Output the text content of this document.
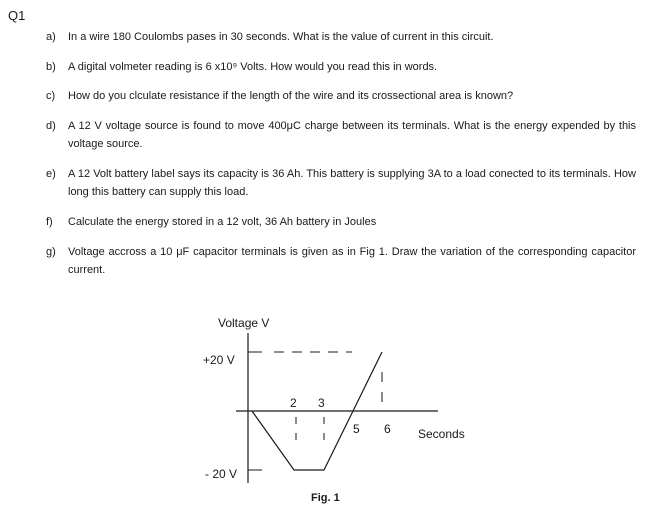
Q1
a)	In a wire 180 Coulombs pases in 30 seconds. What is the value of current in this circuit.
b)	A digital volmeter reading is 6 x10⁹ Volts. How would you read this in words.
c)	How do you clculate resistance if the length of the wire and its crossectional area is known?
d)	A 12 V voltage source is found to move 400μC charge between its terminals. What is the energy expended by this voltage source.
e)	A 12 Volt battery label says its capacity is 36 Ah. This battery is supplying 3A to a load conected to its terminals. How long this battery can supply this load.
f)	Calculate the energy stored in a 12 volt, 36 Ah battery in Joules
g)	Voltage accross a 10 μF capacitor terminals is given as in Fig 1. Draw the variation of the corresponding capacitor current.
Voltage V
+20 V
- 20 V
2 3
5 6 Seconds
Fig. 1
